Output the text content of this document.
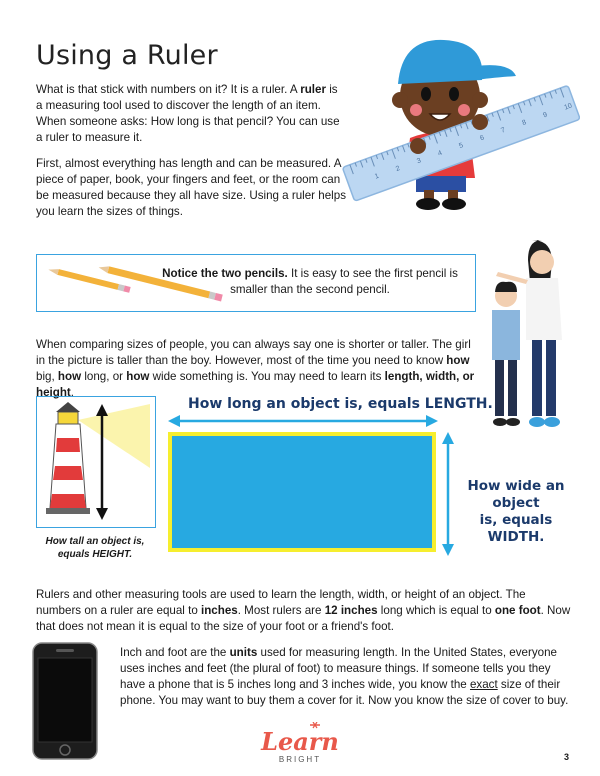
Using a Ruler
What is that stick with numbers on it? It is a ruler. A ruler is a measuring tool used to discover the length of an item. When someone asks: How long is that pencil? You can use a ruler to measure it.
First, almost everything has length and can be measured. A piece of paper, book, your fingers and feet, or the room can be measured because they all have size. Using a ruler helps you learn the sizes of things.
1
2
3
4
5
6
7
8
9
10
Notice the two pencils. It is easy to see the first pencil is smaller than the second pencil.
When comparing sizes of people, you can always say one is shorter or taller. The girl in the picture is taller than the boy. However, most of the time you need to know how big, how long, or how wide something is. You may need to learn its length, width, or height.
How tall an object is,
equals HEIGHT.
How long an object is, equals LENGTH.
How wide an object
is, equals WIDTH.
Rulers and other measuring tools are used to learn the length, width, or height of an object. The numbers on a ruler are equal to inches. Most rulers are 12 inches long which is equal to one foot. Now that does not mean it is equal to the size of your foot or a friend's foot.
Inch and foot are the units used for measuring length. In the United States, everyone uses inches and feet (the plural of foot) to measure things. If someone tells you they have a phone that is 5 inches long and 3 inches wide, you know the exact size of their phone. You may want to buy them a cover for it. Now you know the size of cover to buy.
Learn
BRIGHT	3
